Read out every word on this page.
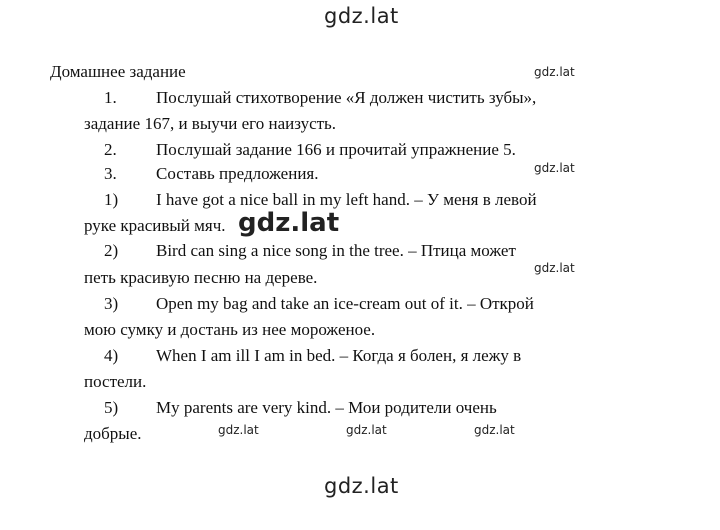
gdz.lat
gdz.lat
gdz.lat
gdz.lat
gdz.lat	gdz.lat	gdz.lat
gdz.lat
Домашнее задание
1. Послушай стихотворение «Я должен чистить зубы»,
задание 167, и выучи его наизусть.
2. Послушай задание 166 и прочитай упражнение 5.
3. Составь предложения.
1) I have got a nice ball in my left hand. – У меня в левой
руке красивый мяч.
2) Bird can sing a nice song in the tree. – Птица может
петь красивую песню на дереве.
3) Open my bag and take an ice-cream out of it. – Открой
мою сумку и достань из нее мороженое.
4) When I am ill I am in bed. – Когда я болен, я лежу в
постели.
5) My parents are very kind. – Мои родители очень
добрые.
gdz.lat
